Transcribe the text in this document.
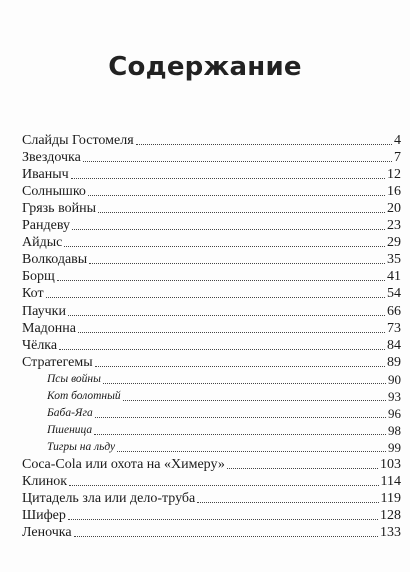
Содержание
Слайды Гостомеля	4
Звездочка	7
Иваныч	12
Солнышко	16
Грязь войны	20
Рандеву	23
Айдыс	29
Волкодавы	35
Борщ	41
Кот	54
Паучки	66
Мадонна	73
Чёлка	84
Стратегемы	89
Псы войны	90
Кот болотный	93
Баба-Яга	96
Пшеница	98
Тигры на льду	99
Coca-Cola или охота на «Химеру»	103
Клинок	114
Цитадель зла или дело-труба	119
Шифер	128
Леночка	133
